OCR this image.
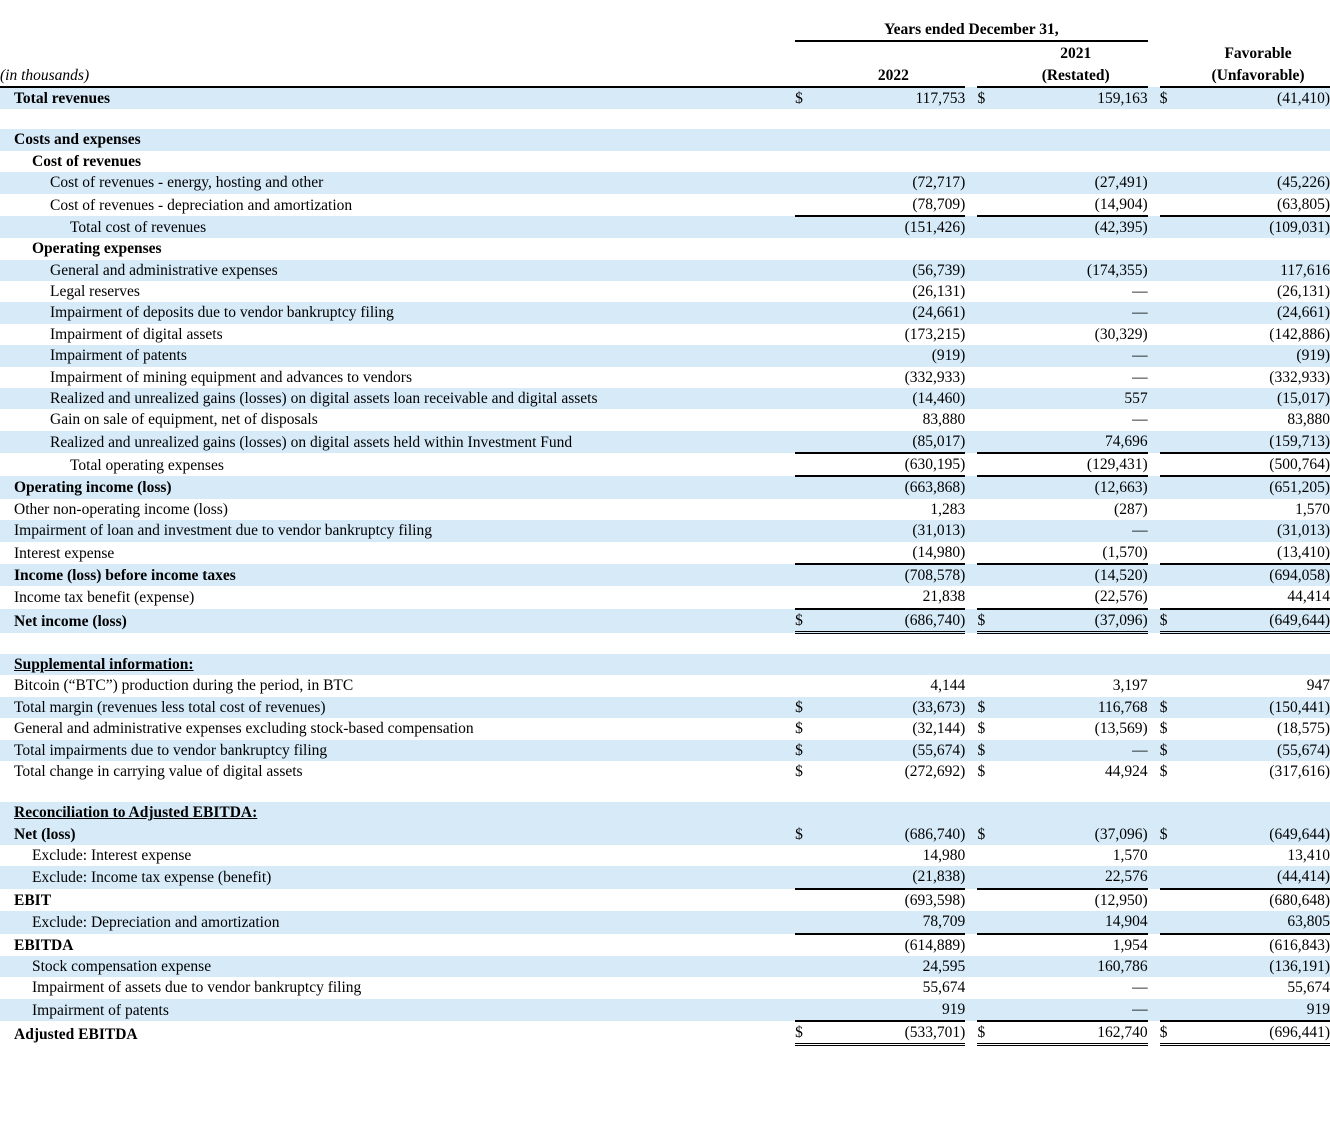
	Years ended December 31,							
					2021			Favorable
(in thousands)		2022			(Restated)			(Unfavorable)
Total revenues	$	117,753		$	159,163		$	(41,410)

Costs and expenses								
Cost of revenues								
Cost of revenues - energy, hosting and other		(72,717)			(27,491)			(45,226)
Cost of revenues - depreciation and amortization		(78,709)			(14,904)			(63,805)
Total cost of revenues		(151,426)			(42,395)			(109,031)
Operating expenses								
General and administrative expenses		(56,739)			(174,355)			117,616
Legal reserves		(26,131)			—			(26,131)
Impairment of deposits due to vendor bankruptcy filing		(24,661)			—			(24,661)
Impairment of digital assets		(173,215)			(30,329)			(142,886)
Impairment of patents		(919)			—			(919)
Impairment of mining equipment and advances to vendors		(332,933)			—			(332,933)
Realized and unrealized gains (losses) on digital assets loan receivable and digital assets		(14,460)			557			(15,017)
Gain on sale of equipment, net of disposals		83,880			—			83,880
Realized and unrealized gains (losses) on digital assets held within Investment Fund		(85,017)			74,696			(159,713)
Total operating expenses		(630,195)			(129,431)			(500,764)
Operating income (loss)		(663,868)			(12,663)			(651,205)
Other non-operating income (loss)		1,283			(287)			1,570
Impairment of loan and investment due to vendor bankruptcy filing		(31,013)			—			(31,013)
Interest expense		(14,980)			(1,570)			(13,410)
Income (loss) before income taxes		(708,578)			(14,520)			(694,058)
Income tax benefit (expense)		21,838			(22,576)			44,414
Net income (loss)	$	(686,740)		$	(37,096)		$	(649,644)

Supplemental information:								
Bitcoin (“BTC”) production during the period, in BTC		4,144			3,197			947
Total margin (revenues less total cost of revenues)	$	(33,673)		$	116,768		$	(150,441)
General and administrative expenses excluding stock-based compensation	$	(32,144)		$	(13,569)		$	(18,575)
Total impairments due to vendor bankruptcy filing	$	(55,674)		$	—		$	(55,674)
Total change in carrying value of digital assets	$	(272,692)		$	44,924		$	(317,616)

Reconciliation to Adjusted EBITDA:								
Net (loss)	$	(686,740)		$	(37,096)		$	(649,644)
Exclude: Interest expense		14,980			1,570			13,410
Exclude: Income tax expense (benefit)		(21,838)			22,576			(44,414)
EBIT		(693,598)			(12,950)			(680,648)
Exclude: Depreciation and amortization		78,709			14,904			63,805
EBITDA		(614,889)			1,954			(616,843)
Stock compensation expense		24,595			160,786			(136,191)
Impairment of assets due to vendor bankruptcy filing		55,674			—			55,674
Impairment of patents		919			—			919
Adjusted EBITDA	$	(533,701)		$	162,740		$	(696,441)
